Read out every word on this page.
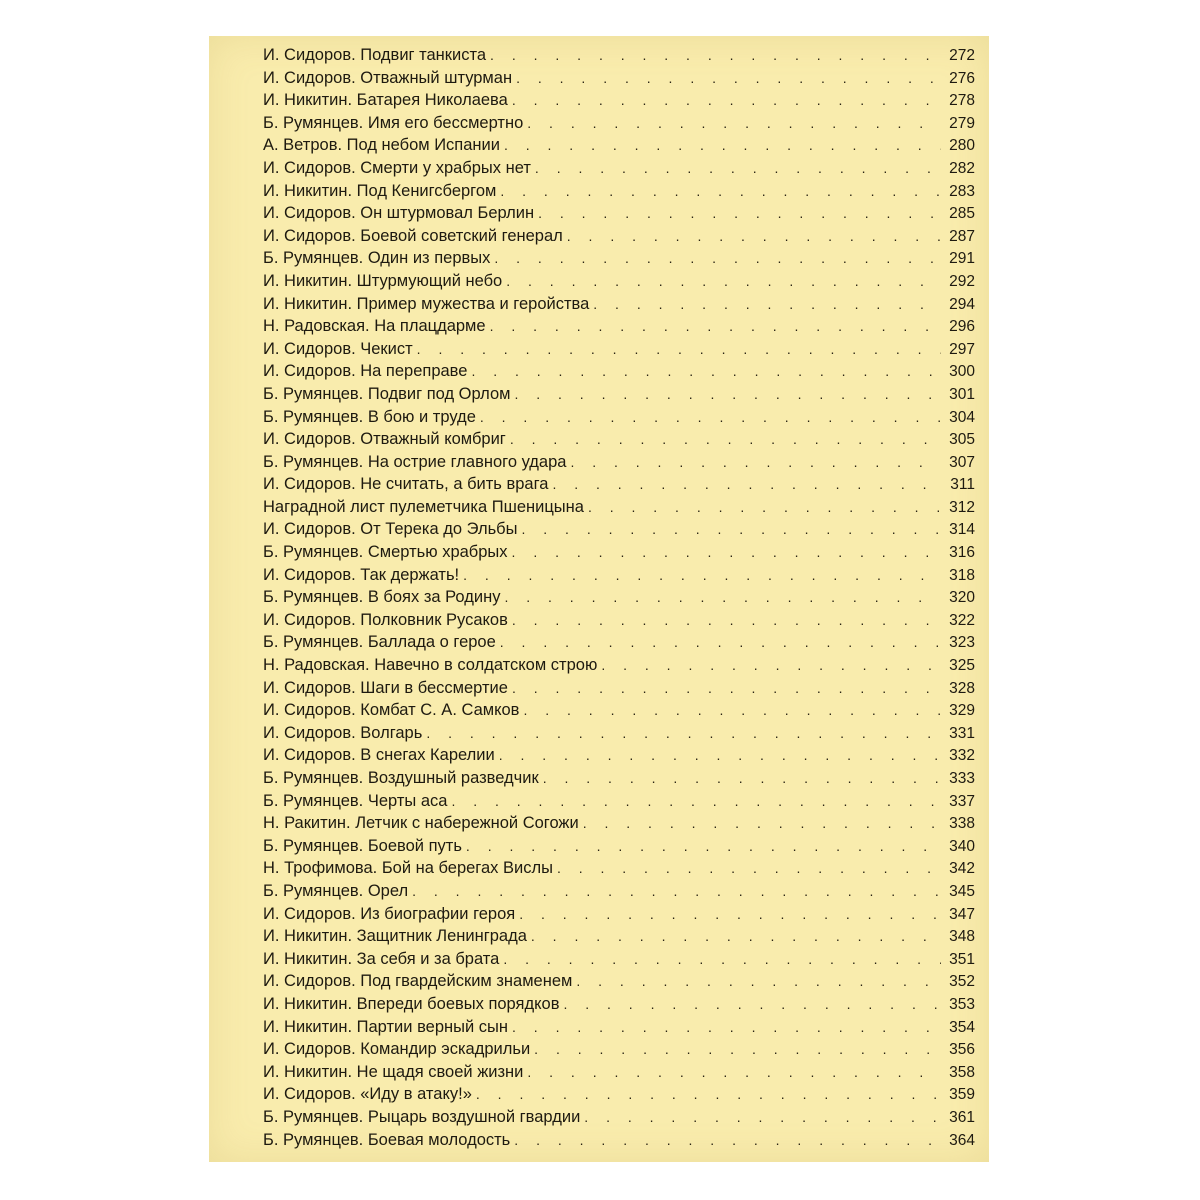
И. Сидоров. Подвиг танкиста . . .	272
И. Сидоров. Отважный штурман . . .	276
И. Никитин. Батарея Николаева . . .	278
Б. Румянцев. Имя его бессмертно . . .	279
А. Ветров. Под небом Испании . . .	280
И. Сидоров. Смерти у храбрых нет . . .	282
И. Никитин. Под Кенигсбергом . . .	283
И. Сидоров. Он штурмовал Берлин . . .	285
И. Сидоров. Боевой советский генерал . . .	287
Б. Румянцев. Один из первых . . .	291
И. Никитин. Штурмующий небо . . .	292
И. Никитин. Пример мужества и геройства . . .	294
Н. Радовская. На плацдарме . . .	296
И. Сидоров. Чекист . . .	297
И. Сидоров. На переправе . . .	300
Б. Румянцев. Подвиг под Орлом . . .	301
Б. Румянцев. В бою и труде . . .	304
И. Сидоров. Отважный комбриг . . .	305
Б. Румянцев. На острие главного удара . . .	307
И. Сидоров. Не считать, а бить врага . . .	311
Наградной лист пулеметчика Пшеницына . . .	312
И. Сидоров. От Терека до Эльбы . . .	314
Б. Румянцев. Смертью храбрых . . .	316
И. Сидоров. Так держать! . . .	318
Б. Румянцев. В боях за Родину . . .	320
И. Сидоров. Полковник Русаков . . .	322
Б. Румянцев. Баллада о герое . . .	323
Н. Радовская. Навечно в солдатском строю . . .	325
И. Сидоров. Шаги в бессмертие . . .	328
И. Сидоров. Комбат С. А. Самков . . .	329
И. Сидоров. Волгарь . . .	331
И. Сидоров. В снегах Карелии . . .	332
Б. Румянцев. Воздушный разведчик . . .	333
Б. Румянцев. Черты аса . . .	337
Н. Ракитин. Летчик с набережной Согожи . . .	338
Б. Румянцев. Боевой путь . . .	340
Н. Трофимова. Бой на берегах Вислы . . .	342
Б. Румянцев. Орел . . .	345
И. Сидоров. Из биографии героя . . .	347
И. Никитин. Защитник Ленинграда . . .	348
И. Никитин. За себя и за брата . . .	351
И. Сидоров. Под гвардейским знаменем . . .	352
И. Никитин. Впереди боевых порядков . . .	353
И. Никитин. Партии верный сын . . .	354
И. Сидоров. Командир эскадрильи . . .	356
И. Никитин. Не щадя своей жизни . . .	358
И. Сидоров. «Иду в атаку!» . . .	359
Б. Румянцев. Рыцарь воздушной гвардии . . .	361
Б. Румянцев. Боевая молодость . . .	364
